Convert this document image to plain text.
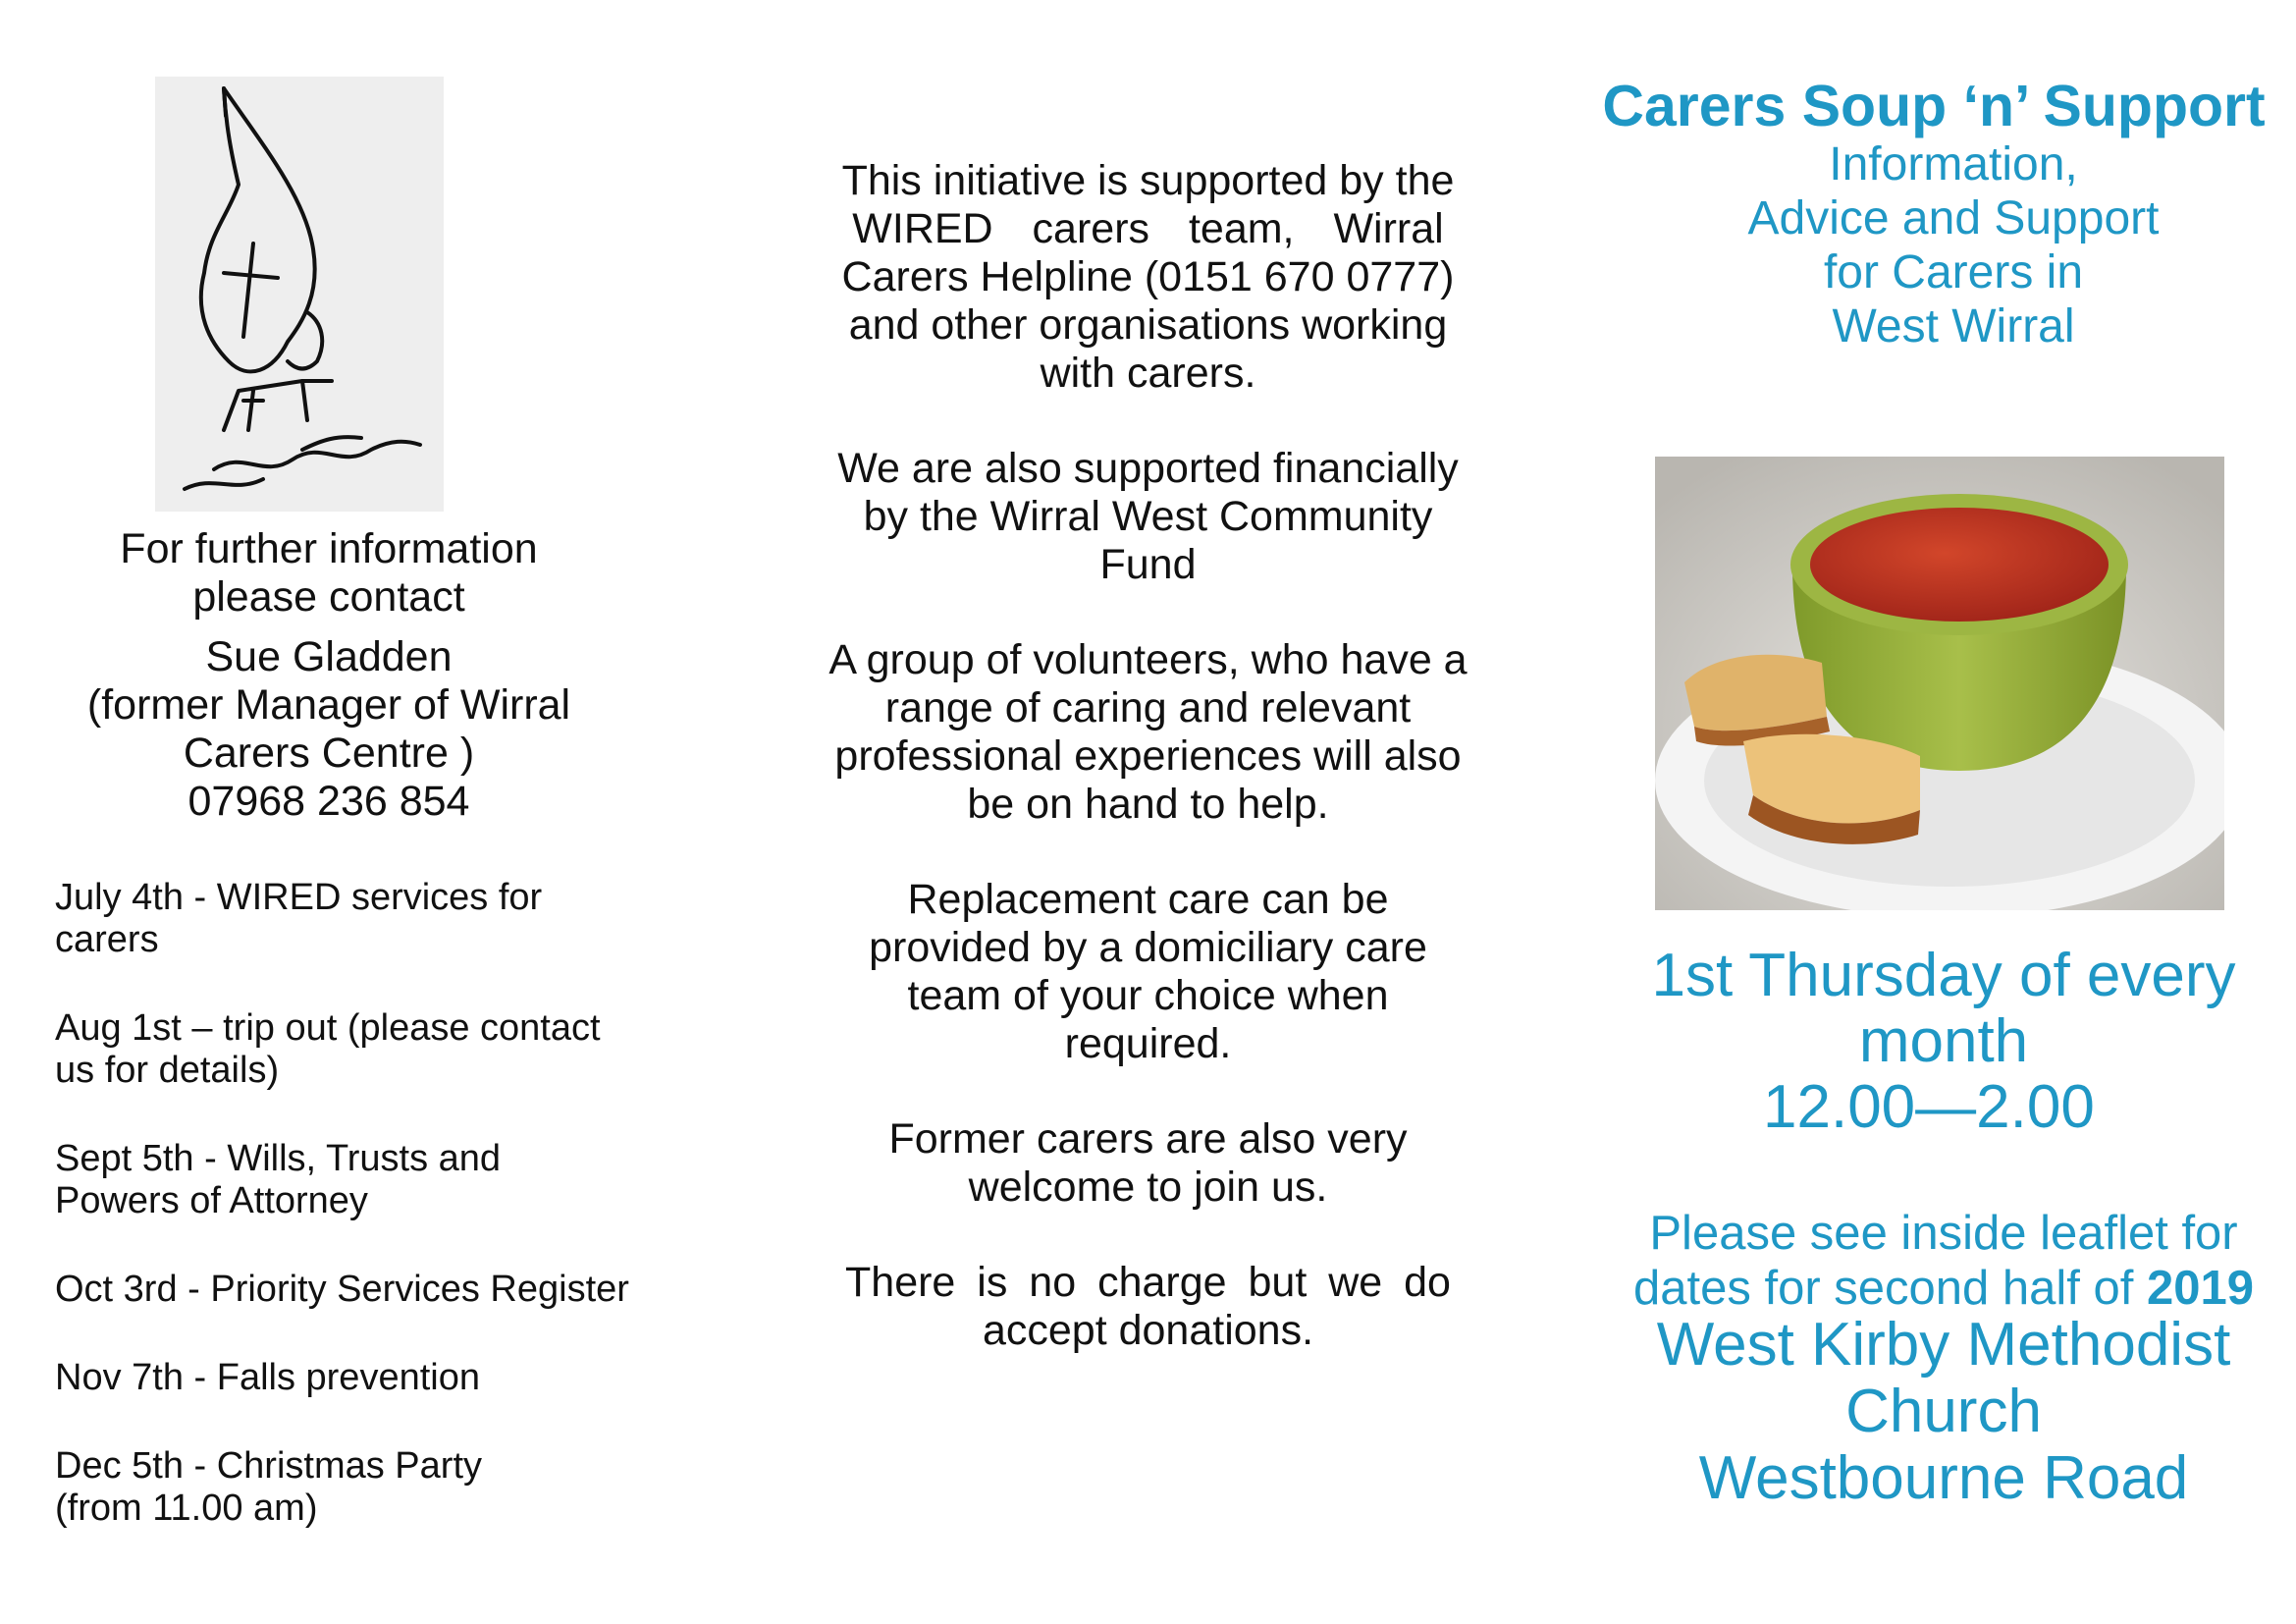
For further information
please contact
Sue Gladden
(former Manager of Wirral
Carers Centre )
07968 236 854
July 4th - WIRED services for
carers
Aug 1st – trip out (please contact
us for details)
Sept 5th - Wills, Trusts and
Powers of Attorney
Oct 3rd - Priority Services Register
Nov 7th - Falls prevention
Dec 5th - Christmas Party
(from 11.00 am)

This initiative is supported by the
WIRED carers team, Wirral
Carers Helpline (0151 670 0777)
and other organisations working
with carers.

We are also supported financially
by the Wirral West Community
Fund

A group of volunteers, who have a
range of caring and relevant
professional experiences will also
be on hand to help.

Replacement care can be
provided by a domiciliary care
team of your choice when
required.

Former carers are also very
welcome to join us.

There is no charge but we do
accept donations.

Carers Soup ‘n’ Support
Information,
Advice and Support
for Carers in
West Wirral
1st Thursday of every
month
12.00—2.00
Please see inside leaflet for
dates for second half of 2019
West Kirby Methodist
Church
Westbourne Road
